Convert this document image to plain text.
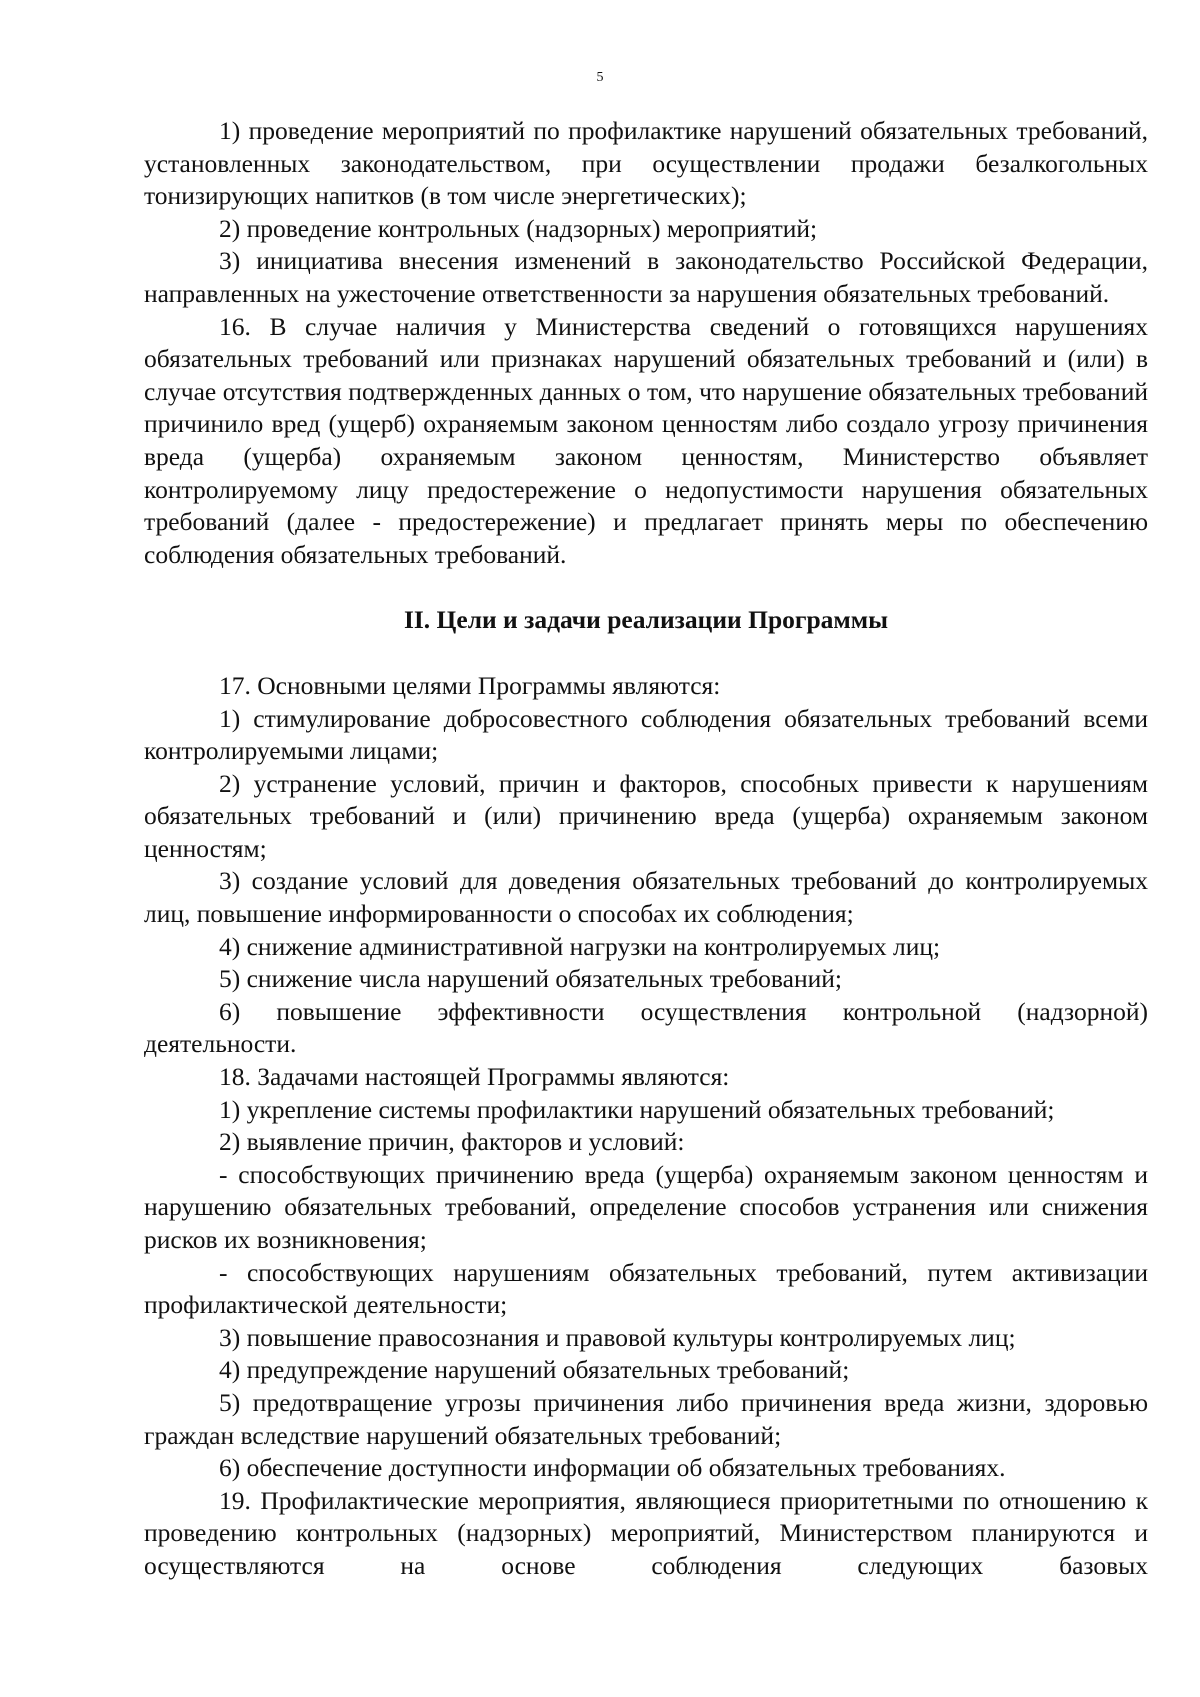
5

1) проведение мероприятий по профилактике нарушений обязательных требований, установленных законодательством, при осуществлении продажи безалкогольных тонизирующих напитков (в том числе энергетических);

2) проведение контрольных (надзорных) мероприятий;

3) инициатива внесения изменений в законодательство Российской Федерации, направленных на ужесточение ответственности за нарушения обязательных требований.

16. В случае наличия у Министерства сведений о готовящихся нарушениях обязательных требований или признаках нарушений обязательных требований и (или) в случае отсутствия подтвержденных данных о том, что нарушение обязательных требований причинило вред (ущерб) охраняемым законом ценностям либо создало угрозу причинения вреда (ущерба) охраняемым законом ценностям, Министерство объявляет контролируемому лицу предостережение о недопустимости нарушения обязательных требований (далее - предостережение) и предлагает принять меры по обеспечению соблюдения обязательных требований.

II. Цели и задачи реализации Программы

17. Основными целями Программы являются:

1) стимулирование добросовестного соблюдения обязательных требований всеми контролируемыми лицами;

2) устранение условий, причин и факторов, способных привести к нарушениям обязательных требований и (или) причинению вреда (ущерба) охраняемым законом ценностям;

3) создание условий для доведения обязательных требований до контролируемых лиц, повышение информированности о способах их соблюдения;

4) снижение административной нагрузки на контролируемых лиц;

5) снижение числа нарушений обязательных требований;

6) повышение эффективности осуществления контрольной (надзорной) деятельности.

18. Задачами настоящей Программы являются:

1) укрепление системы профилактики нарушений обязательных требований;

2) выявление причин, факторов и условий:

- способствующих причинению вреда (ущерба) охраняемым законом ценностям и нарушению обязательных требований, определение способов устранения или снижения рисков их возникновения;

- способствующих нарушениям обязательных требований, путем активизации профилактической деятельности;

3) повышение правосознания и правовой культуры контролируемых лиц;

4) предупреждение нарушений обязательных требований;

5) предотвращение угрозы причинения либо причинения вреда жизни, здоровью граждан вследствие нарушений обязательных требований;

6) обеспечение доступности информации об обязательных требованиях.

19. Профилактические мероприятия, являющиеся приоритетными по отношению к проведению контрольных (надзорных) мероприятий, Министерством планируются и осуществляются на основе соблюдения следующих базовых
